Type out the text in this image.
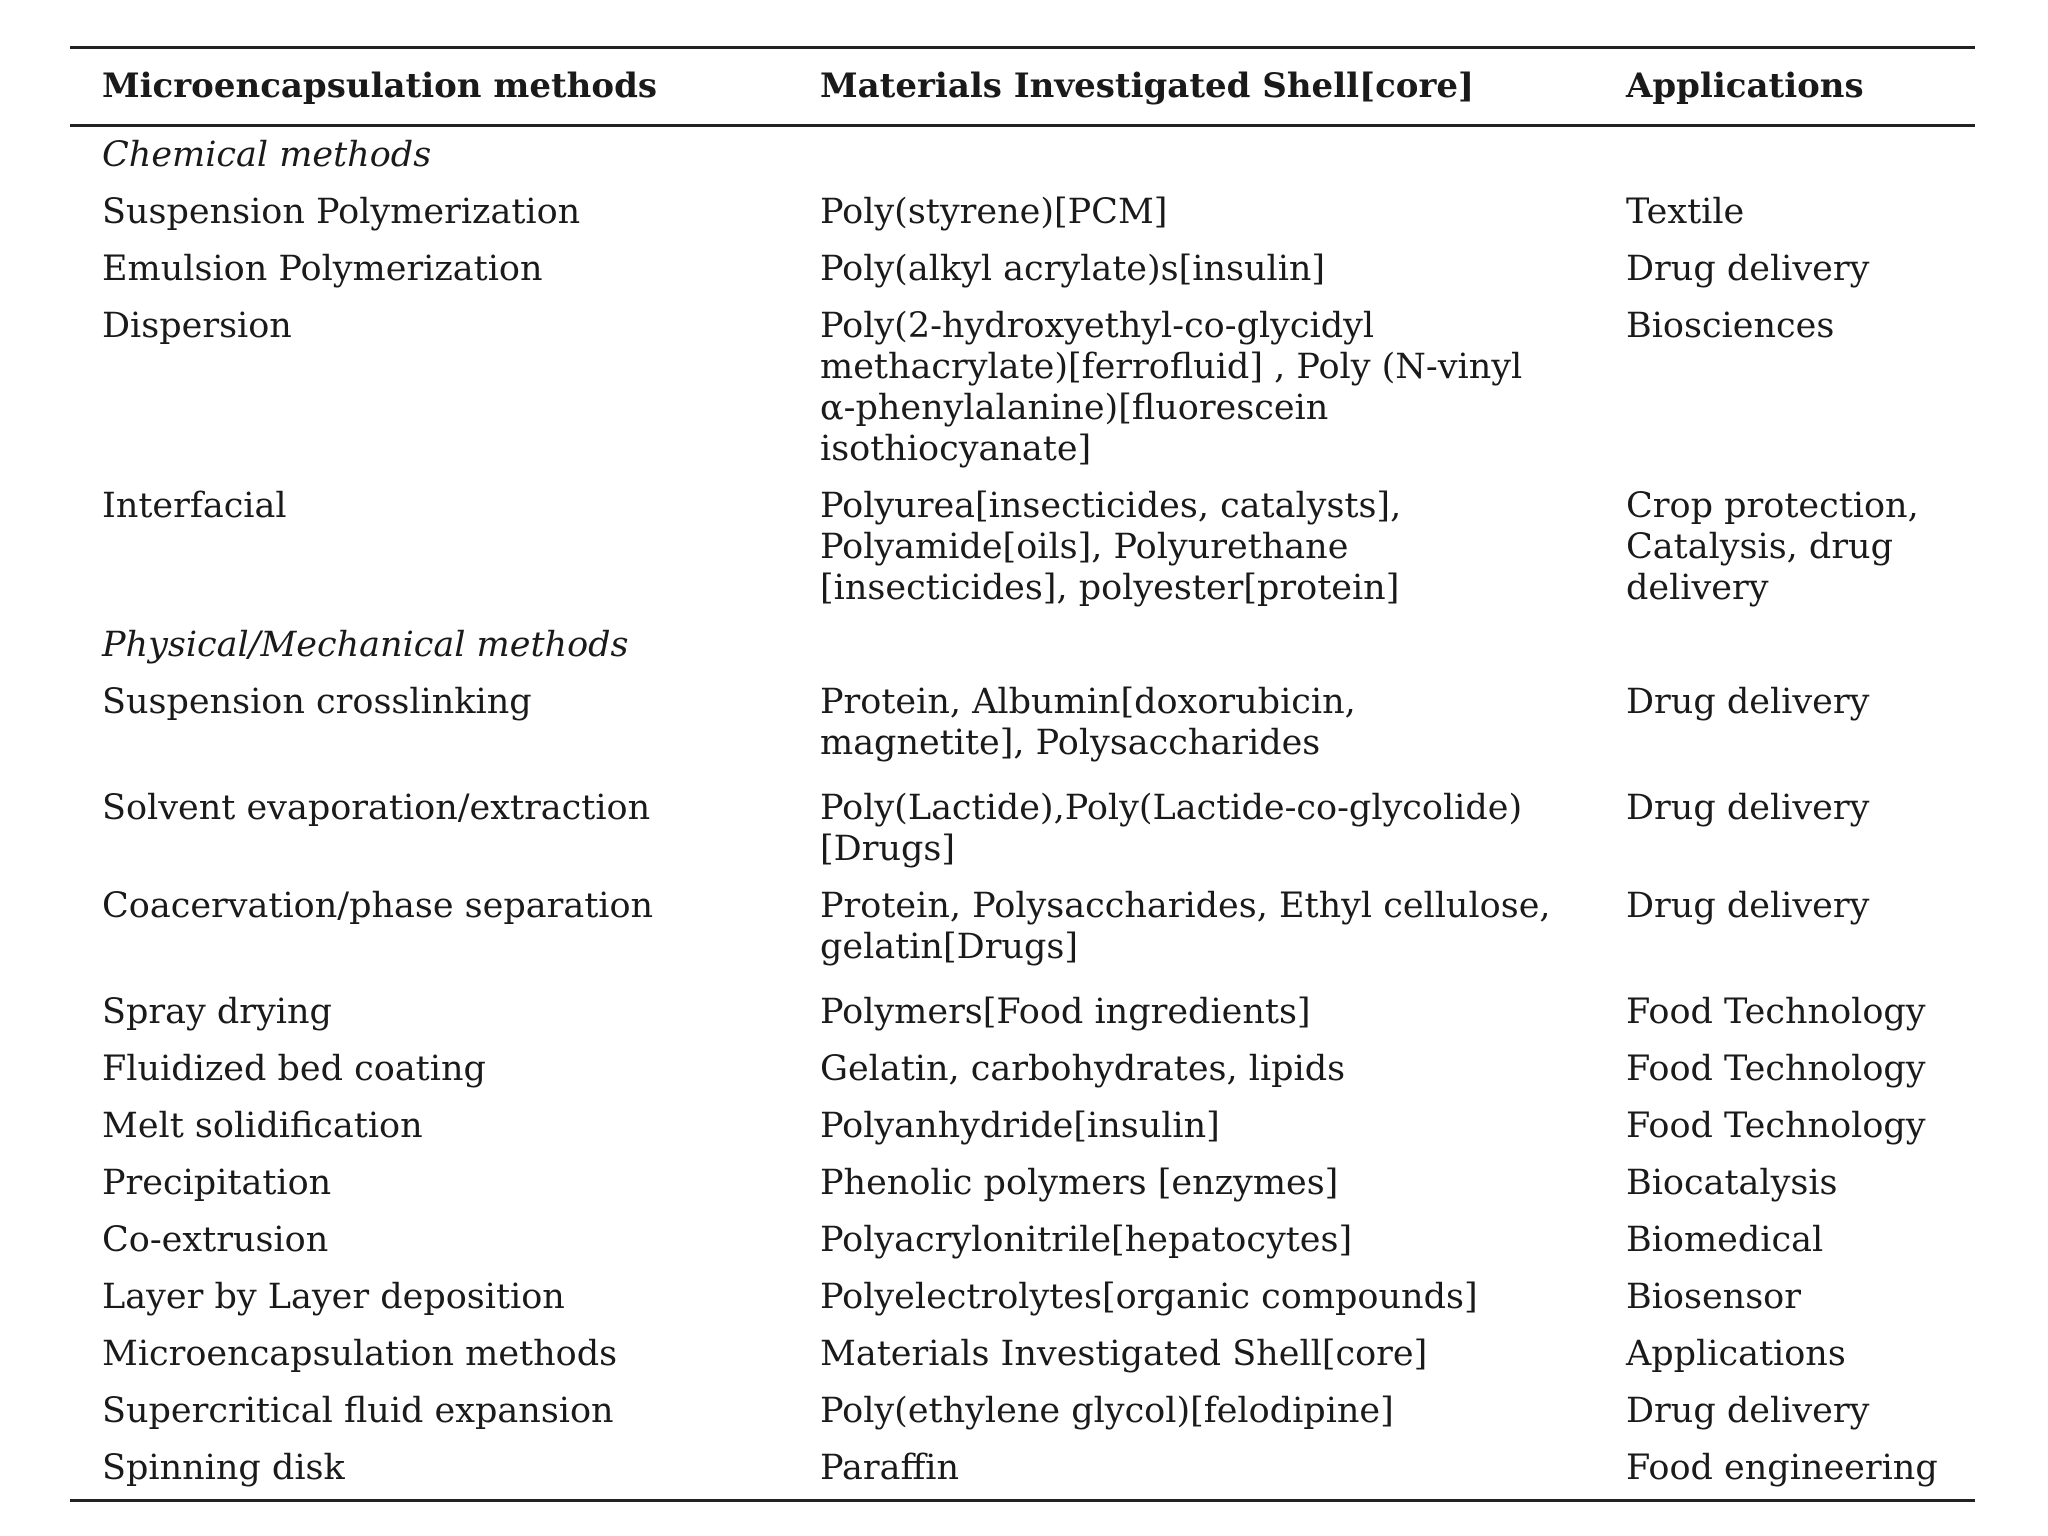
Microencapsulation methods	Materials Investigated Shell[core]	Applications
Chemical methods		
Suspension Polymerization	Poly(styrene)[PCM]	Textile
Emulsion Polymerization	Poly(alkyl acrylate)s[insulin]	Drug delivery
Dispersion	Poly(2-hydroxyethyl-co-glycidyl methacrylate)[ferrofluid] , Poly (N-vinyl α-phenylalanine)[fluorescein isothiocyanate]	Biosciences
Interfacial	Polyurea[insecticides, catalysts], Polyamide[oils], Polyurethane [insecticides], polyester[protein]	Crop protection, Catalysis, drug delivery
Physical/Mechanical methods		
Suspension crosslinking	Protein, Albumin[doxorubicin, magnetite], Polysaccharides	Drug delivery
Solvent evaporation/extraction	Poly(Lactide),Poly(Lactide-co-glycolide) [Drugs]	Drug delivery
Coacervation/phase separation	Protein, Polysaccharides, Ethyl cellulose, gelatin[Drugs]	Drug delivery
Spray drying	Polymers[Food ingredients]	Food Technology
Fluidized bed coating	Gelatin, carbohydrates, lipids	Food Technology
Melt solidification	Polyanhydride[insulin]	Food Technology
Precipitation	Phenolic polymers [enzymes]	Biocatalysis
Co-extrusion	Polyacrylonitrile[hepatocytes]	Biomedical
Layer by Layer deposition	Polyelectrolytes[organic compounds]	Biosensor
Microencapsulation methods	Materials Investigated Shell[core]	Applications
Supercritical fluid expansion	Poly(ethylene glycol)[felodipine]	Drug delivery
Spinning disk	Paraffin	Food engineering
